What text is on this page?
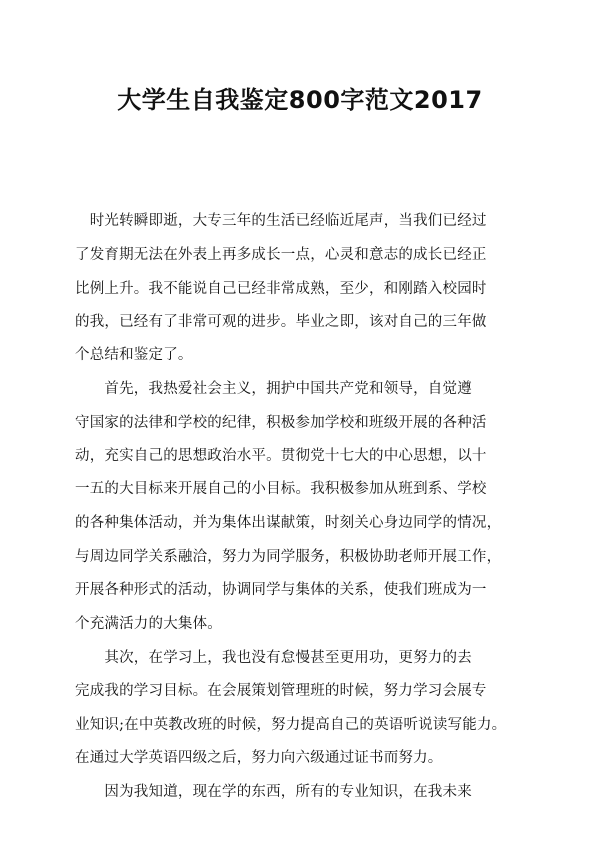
大学生自我鉴定800字范文2017

　时光转瞬即逝，大专三年的生活已经临近尾声，当我们已经过

了发育期无法在外表上再多成长一点，心灵和意志的成长已经正

比例上升。我不能说自己已经非常成熟，至少，和刚踏入校园时

的我，已经有了非常可观的进步。毕业之即，该对自己的三年做

个总结和鉴定了。

　　首先，我热爱社会主义，拥护中国共产党和领导，自觉遵

守国家的法律和学校的纪律，积极参加学校和班级开展的各种活

动，充实自己的思想政治水平。贯彻党十七大的中心思想，以十

一五的大目标来开展自己的小目标。我积极参加从班到系、学校

的各种集体活动，并为集体出谋献策，时刻关心身边同学的情况，

与周边同学关系融洽，努力为同学服务，积极协助老师开展工作，

开展各种形式的活动，协调同学与集体的关系，使我们班成为一

个充满活力的大集体。

　　其次，在学习上，我也没有怠慢甚至更用功，更努力的去

完成我的学习目标。在会展策划管理班的时候，努力学习会展专

业知识;在中英教改班的时候，努力提高自己的英语听说读写能力。

在通过大学英语四级之后，努力向六级通过证书而努力。

　　因为我知道，现在学的东西，所有的专业知识，在我未来
